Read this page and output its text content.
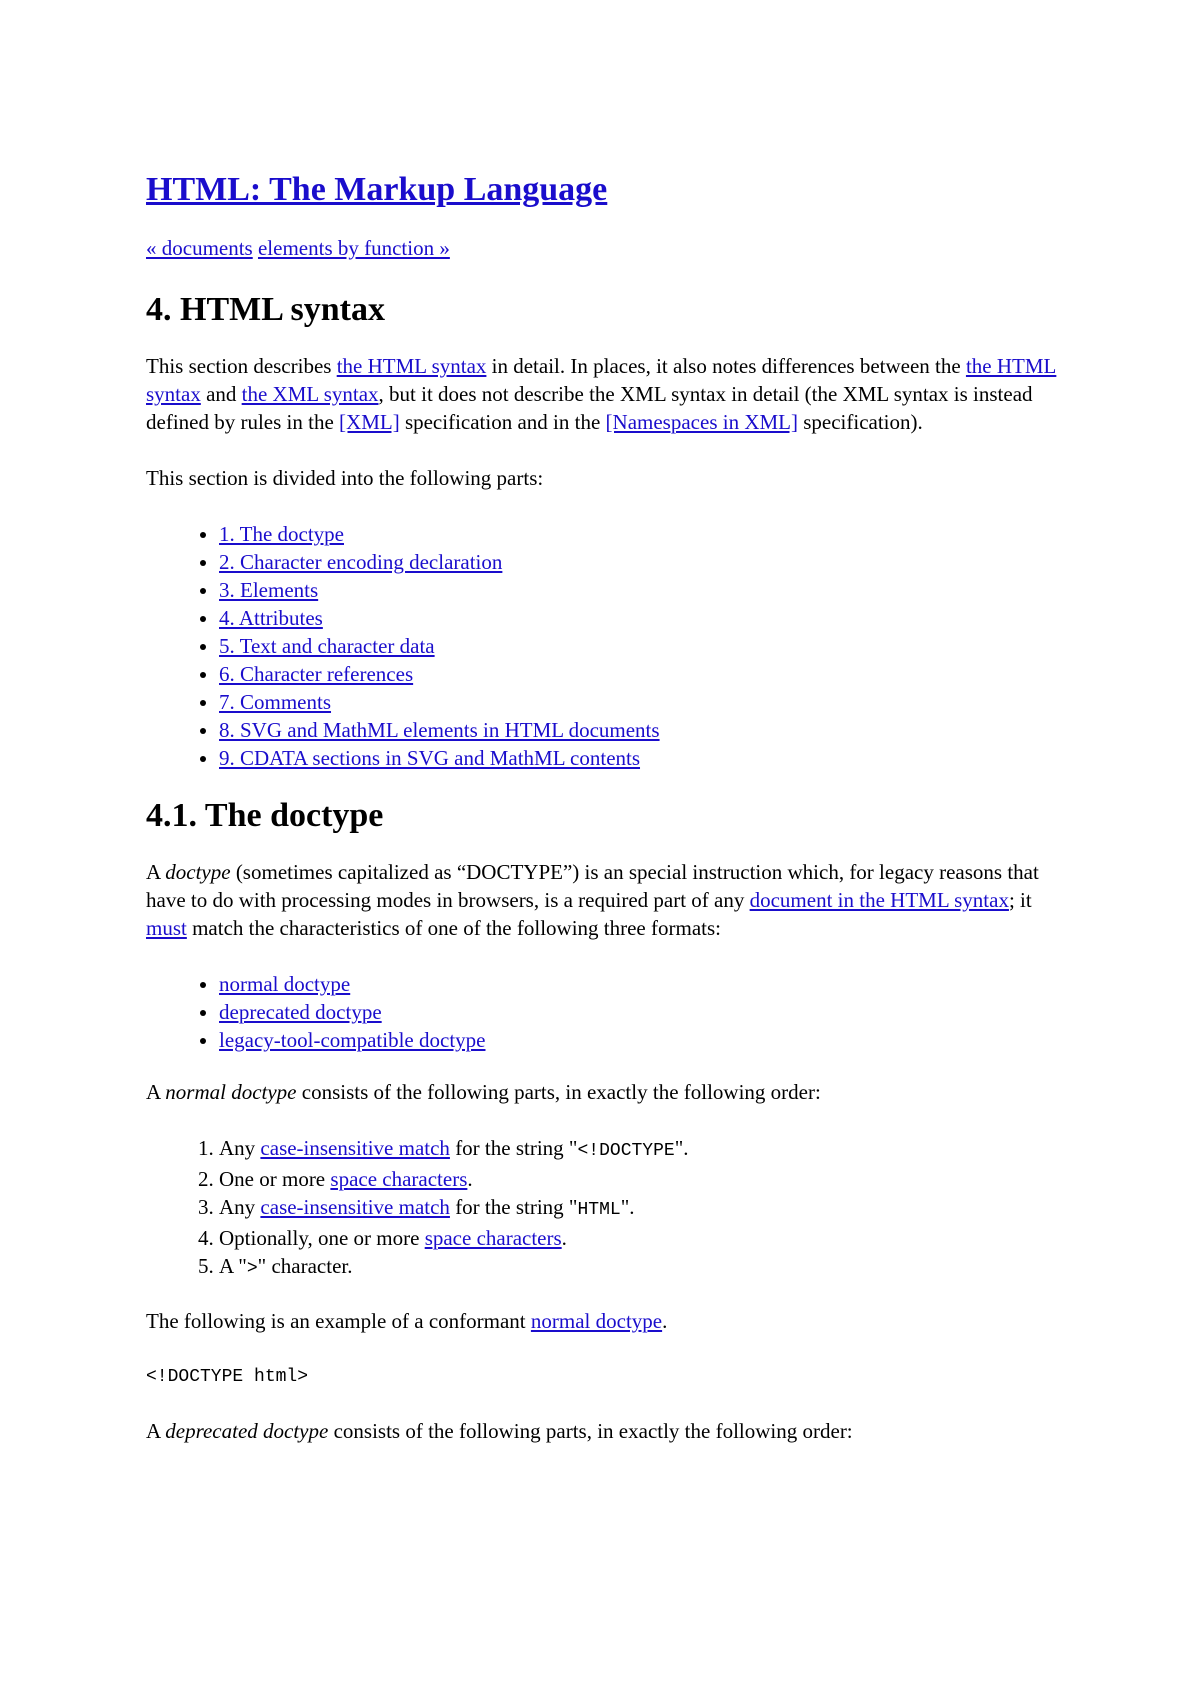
HTML: The Markup Language
« documents elements by function »
4. HTML syntax

This section describes the HTML syntax in detail. In places, it also notes differences between the the HTML syntax and the XML syntax, but it does not describe the XML syntax in detail (the XML syntax is instead defined by rules in the [XML] specification and in the [Namespaces in XML] specification).

This section is divided into the following parts:

• 1. The doctype
• 2. Character encoding declaration
• 3. Elements
• 4. Attributes
• 5. Text and character data
• 6. Character references
• 7. Comments
• 8. SVG and MathML elements in HTML documents
• 9. CDATA sections in SVG and MathML contents
4.1. The doctype

A doctype (sometimes capitalized as “DOCTYPE”) is an special instruction which, for legacy reasons that have to do with processing modes in browsers, is a required part of any document in the HTML syntax; it must match the characteristics of one of the following three formats:

• normal doctype
• deprecated doctype
• legacy-tool-compatible doctype

A normal doctype consists of the following parts, in exactly the following order:

1. Any case-insensitive match for the string "<!DOCTYPE".
2. One or more space characters.
3. Any case-insensitive match for the string "HTML".
4. Optionally, one or more space characters.
5. A ">" character.

The following is an example of a conformant normal doctype.

<!DOCTYPE html>

A deprecated doctype consists of the following parts, in exactly the following order:
